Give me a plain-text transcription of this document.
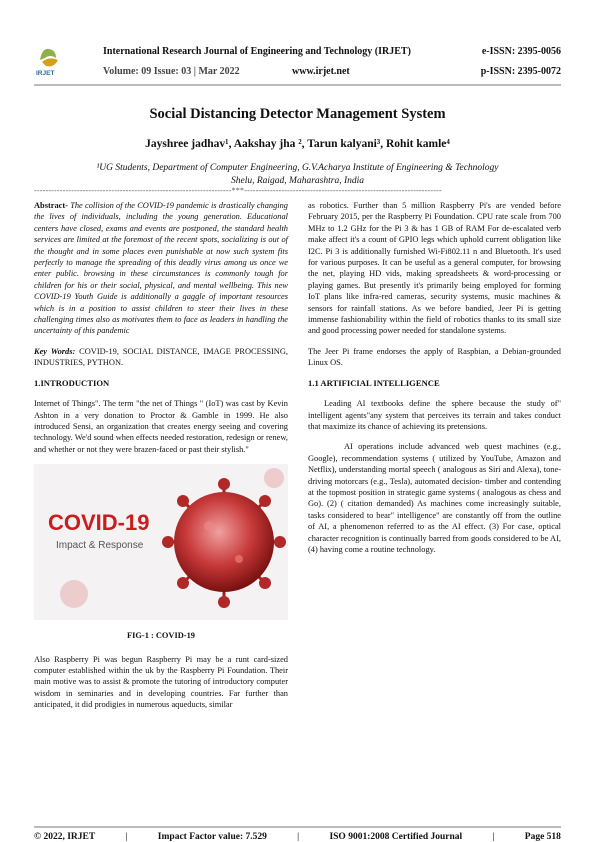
IRJET
International Research Journal of Engineering and Technology (IRJET)
Volume: 09 Issue: 03 | Mar 2022	www.irjet.net
e-ISSN: 2395-0056
p-ISSN: 2395-0072
Social Distancing Detector Management System
Jayshree jadhav¹, Aakshay jha ², Tarun kalyani³, Rohit kamle⁴
¹UG Students, Department of Computer Engineering, G.V.Acharya Institute of Engineering & Technology
Shelu, Raigad, Maharashtra, India
---------------------------------------------------------------------***---------------------------------------------------------------------

Abstract- The collision of the COVID-19 pandemic is drastically changing the lives of individuals, including the young generation. Educational centers have closed, exams and events are postponed, the standard health services are limited at the foremost of the recent spots, socializing is out of the thought and in some places even punishable at now such system fits perfectly to manage the spreading of this deadly virus among us once we enter public. browsing in these circumstances is commonly tough for children for his or their social, physical, and mental wellbeing. This new COVID-19 Youth Guide is additionally a gaggle of important resources which is in a position to assist children to steer their lives in these challenging times also as motivates them to face as leaders in handling the uncertainty of this pandemic

Key Words: COVID-19, SOCIAL DISTANCE, IMAGE PROCESSING, INDUSTRIES, PYTHON.

1.INTRODUCTION

Internet of Things". The term "the net of Things " (IoT) was cast by Kevin Ashton in a very donation to Proctor & Gamble in 1999. He also introduced Sensi, an organization that creates energy seeing and covering technology. We'd sound when effects needed restoration, redesign or renew, and whether or not they were brazen-faced or past their stylish."

COVID-19
Impact & Response
FIG-1 : COVID-19

Also Raspberry Pi was begun Raspberry Pi may be a runt card-sized computer established within the uk by the Raspberry Pi Foundation. Their main motive was to assist & promote the tutoring of introductory computer wisdom in seminaries and in developing countries. Far further than anticipated, it did prodigies in numerous aqueducts, similar

as robotics. Further than 5 million Raspberry Pi's are vended before February 2015, per the Raspberry Pi Foundation. CPU rate scale from 700 MHz to 1.2 GHz for the Pi 3 & has 1 GB of RAM For de-escalated verb make affect it's a count of GPIO legs which uphold current obligation like I2C. Pi 3 is additionally furnished Wi-Fi802.11 n and Bluetooth. It's used for various purposes. It can be useful as a general computer, for browsing the net, playing HD vids, making spreadsheets & word-processing or playing games. But presently it's primarily being employed for forming IoT plans like infra-red cameras, security systems, music machines & sensors for rainfall stations. As we before bandied, Jeer Pi is getting immense fashionability within the field of robotics thanks to its small size and good processing power needed for standalone systems.

The Jeer Pi frame endorses the apply of Raspbian, a Debian-grounded Linux OS.

1.1 ARTIFICIAL INTELLIGENCE

Leading AI textbooks define the sphere because the study of" intelligent agents"any system that perceives its terrain and takes conduct that maximize its chance of achieving its pretensions.

AI operations include advanced web quest machines (e.g., Google), recommendation systems ( utilized by YouTube, Amazon and Netflix), understanding mortal speech ( analogous as Siri and Alexa), tone- driving motorcars (e.g., Tesla), automated decision- timber and contending at the topmost position in strategic game systems ( analogous as chess and Go). (2) ( citation demanded) As machines come increasingly suitable, tasks considered to bear" intelligence" are constantly off from the outline of AI, a phenomenon referred to as the AI effect. (3) For case, optical character recognition is continually barred from goods considered to be AI, (4) having come a routine technology.

© 2022, IRJET	|	Impact Factor value: 7.529	|	ISO 9001:2008 Certified Journal	|	Page 518
